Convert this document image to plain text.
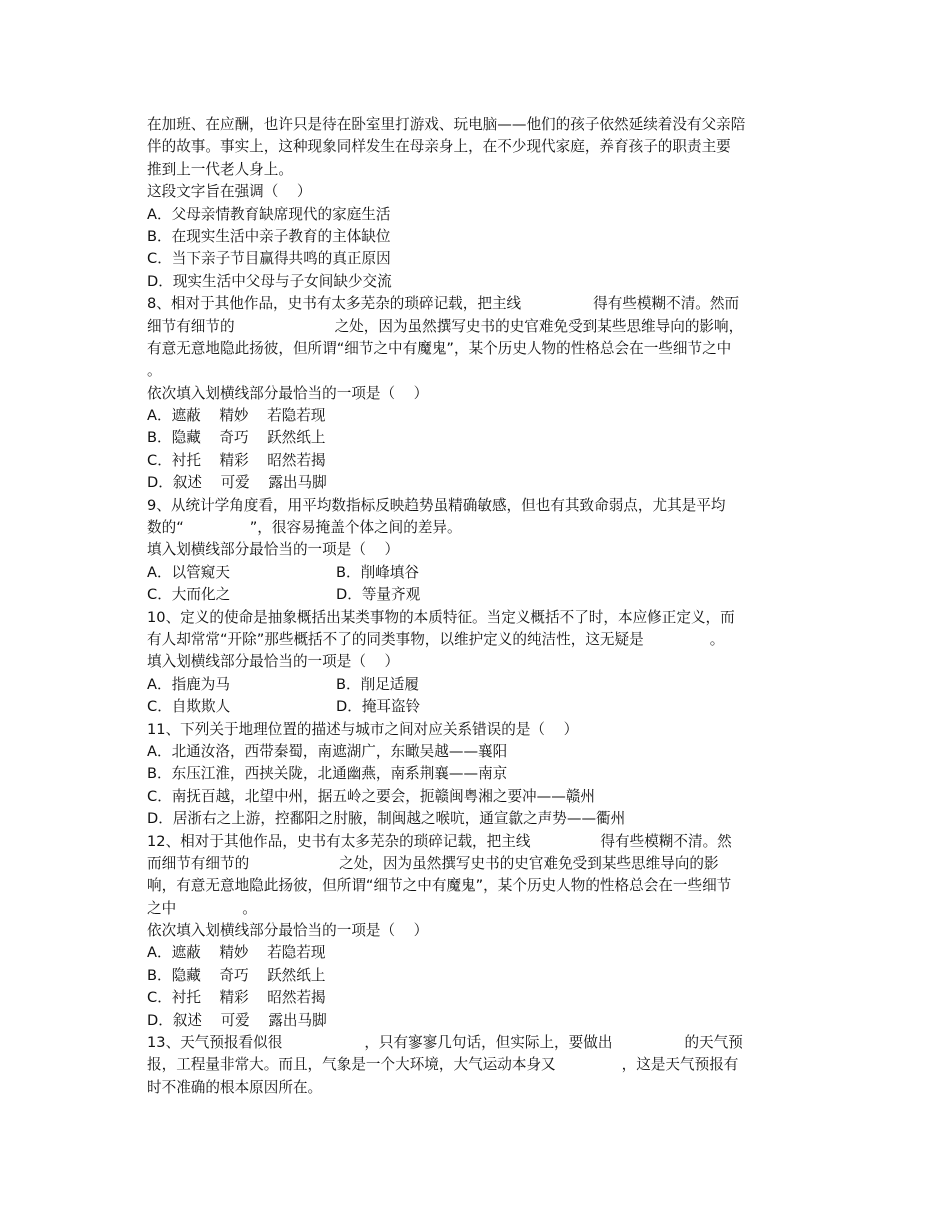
在加班、在应酬，也许只是待在卧室里打游戏、玩电脑——他们的孩子依然延续着没有父亲陪
伴的故事。事实上，这种现象同样发生在母亲身上，在不少现代家庭，养育孩子的职责主要
推到上一代老人身上。
这段文字旨在强调（    ）
A．父母亲情教育缺席现代的家庭生活
B．在现实生活中亲子教育的主体缺位
C．当下亲子节目赢得共鸣的真正原因
D．现实生活中父母与子女间缺少交流
8、相对于其他作品，史书有太多芜杂的琐碎记载，把主线	得有些模糊不清。然而
细节有细节的	之处，因为虽然撰写史书的史官难免受到某些思维导向的影响，
有意无意地隐此扬彼，但所谓“细节之中有魔鬼”，某个历史人物的性格总会在一些细节之中
。
依次填入划横线部分最恰当的一项是（    ）
A．遮蔽    精妙    若隐若现
B．隐藏    奇巧    跃然纸上
C．衬托    精彩    昭然若揭
D．叙述    可爱    露出马脚
9、从统计学角度看，用平均数指标反映趋势虽精确敏感，但也有其致命弱点，尤其是平均
数的“	”，很容易掩盖个体之间的差异。
填入划横线部分最恰当的一项是（    ）
A．以管窥天	B．削峰填谷
C．大而化之	D．等量齐观
10、定义的使命是抽象概括出某类事物的本质特征。当定义概括不了时，本应修正定义，而
有人却常常“开除”那些概括不了的同类事物，以维护定义的纯洁性，这无疑是	。
填入划横线部分最恰当的一项是（    ）
A．指鹿为马	B．削足适履
C．自欺欺人	D．掩耳盗铃
11、下列关于地理位置的描述与城市之间对应关系错误的是（    ）
A．北通汝洛，西带秦蜀，南遮湖广，东瞰吴越——襄阳
B．东压江淮，西挟关陇，北通幽燕，南系荆襄——南京
C．南抚百越，北望中州，据五岭之要会，扼赣闽粤湘之要冲——赣州
D．居浙右之上游，控鄱阳之肘腋，制闽越之喉吭，通宣歙之声势——衢州
12、相对于其他作品，史书有太多芜杂的琐碎记载，把主线	得有些模糊不清。然
而细节有细节的	之处，因为虽然撰写史书的史官难免受到某些思维导向的影
响，有意无意地隐此扬彼，但所谓“细节之中有魔鬼”，某个历史人物的性格总会在一些细节
之中	。
依次填入划横线部分最恰当的一项是（    ）
A．遮蔽    精妙    若隐若现
B．隐藏    奇巧    跃然纸上
C．衬托    精彩    昭然若揭
D．叙述    可爱    露出马脚
13、天气预报看似很	，只有寥寥几句话，但实际上，要做出	的天气预
报，工程量非常大。而且，气象是一个大环境，大气运动本身又	，这是天气预报有
时不准确的根本原因所在。
